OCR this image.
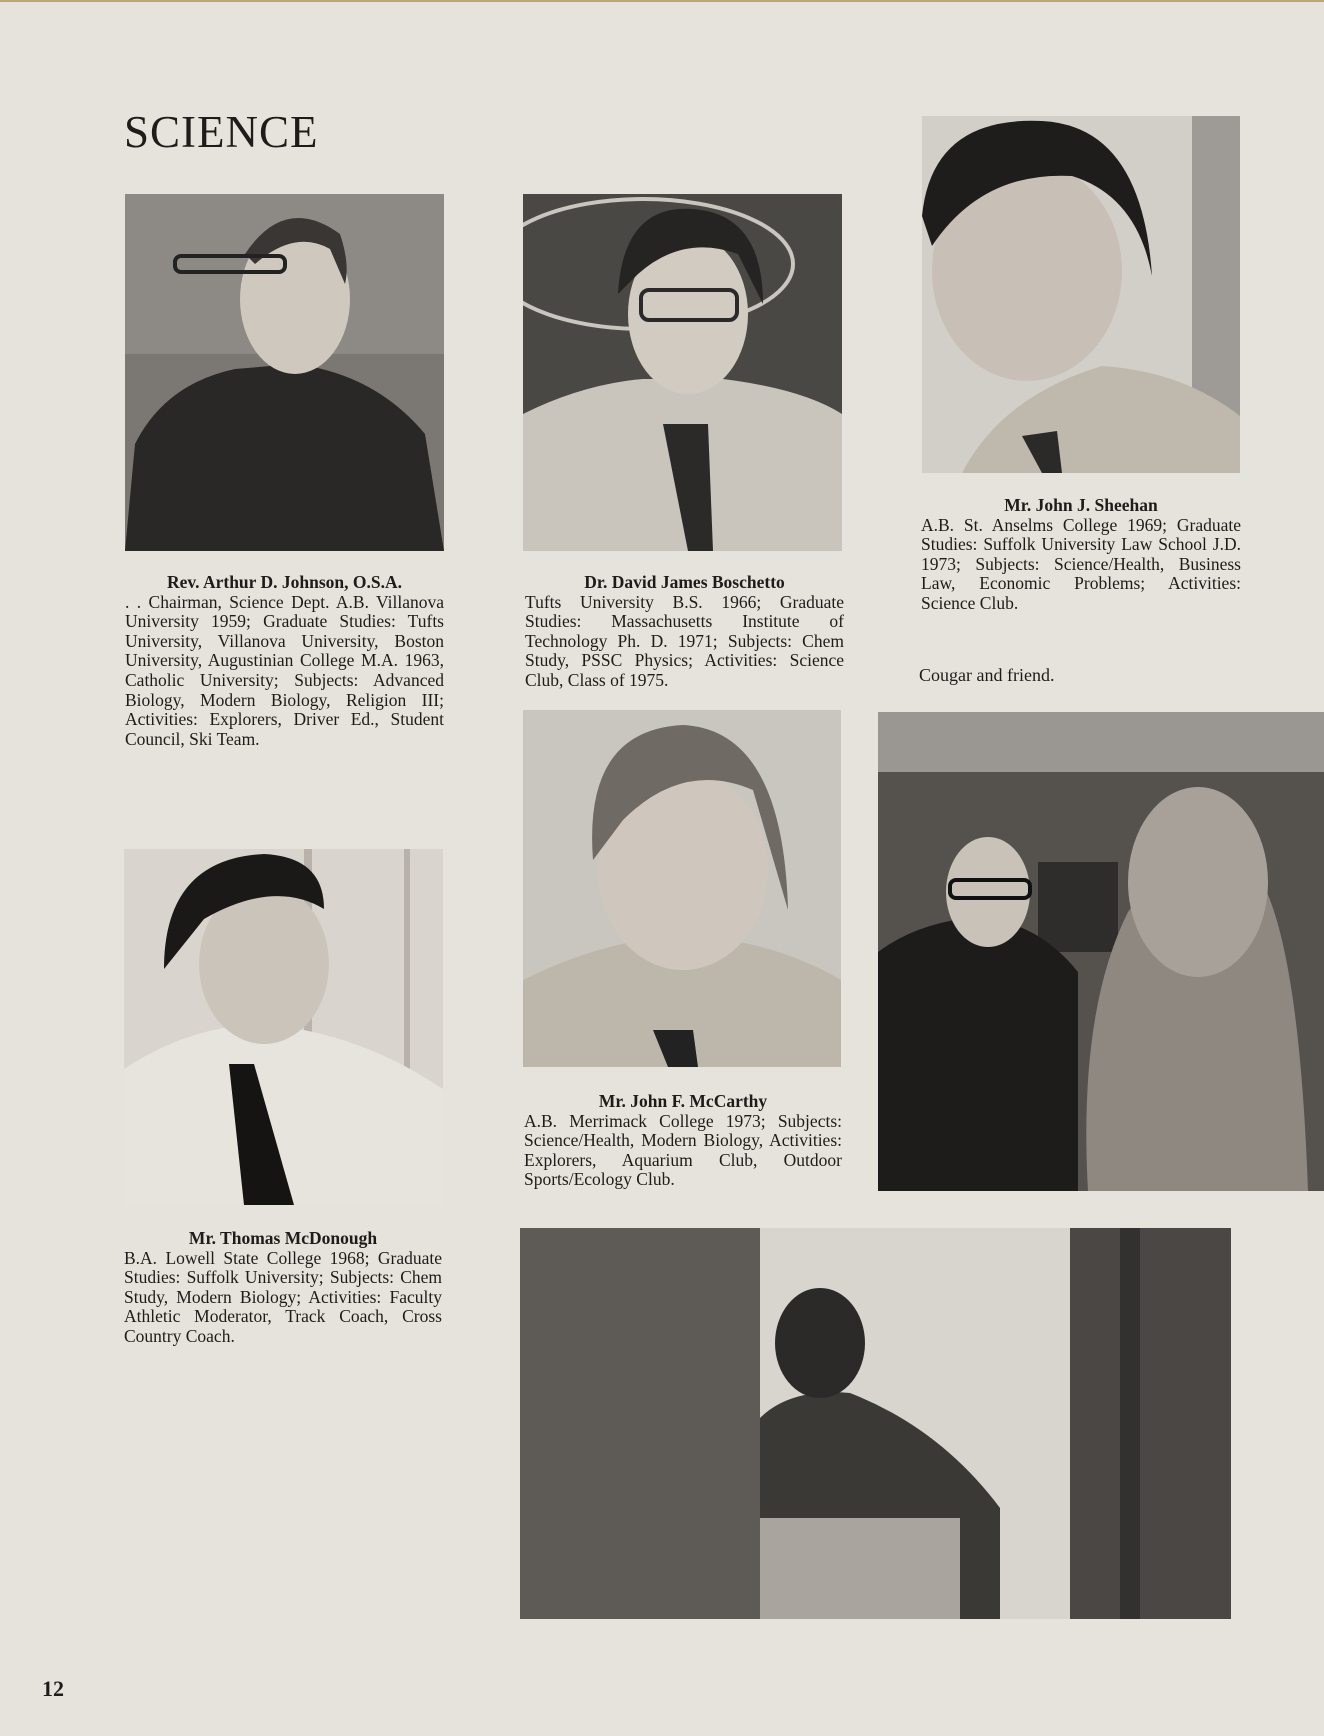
SCIENCE
Rev. Arthur D. Johnson, O.S.A.
. . Chairman, Science Dept. A.B. Villanova University 1959; Graduate Studies: Tufts University, Villanova University, Boston University, Augustinian College M.A. 1963, Catholic University; Subjects: Advanced Biology, Modern Biology, Religion III; Activities: Explorers, Driver Ed., Student Council, Ski Team.
Dr. David James Boschetto
Tufts University B.S. 1966; Graduate Studies: Massachusetts Institute of Technology Ph. D. 1971; Subjects: Chem Study, PSSC Physics; Activities: Science Club, Class of 1975.
Mr. John J. Sheehan
A.B. St. Anselms College 1969; Graduate Studies: Suffolk University Law School J.D. 1973; Subjects: Science/Health, Business Law, Economic Problems; Activities: Science Club.
Cougar and friend.
Mr. John F. McCarthy
A.B. Merrimack College 1973; Subjects: Science/Health, Modern Biology, Activities: Explorers, Aquarium Club, Outdoor Sports/Ecology Club.
Mr. Thomas McDonough
B.A. Lowell State College 1968; Graduate Studies: Suffolk University; Subjects: Chem Study, Modern Biology; Activities: Faculty Athletic Moderator, Track Coach, Cross Country Coach.
12
